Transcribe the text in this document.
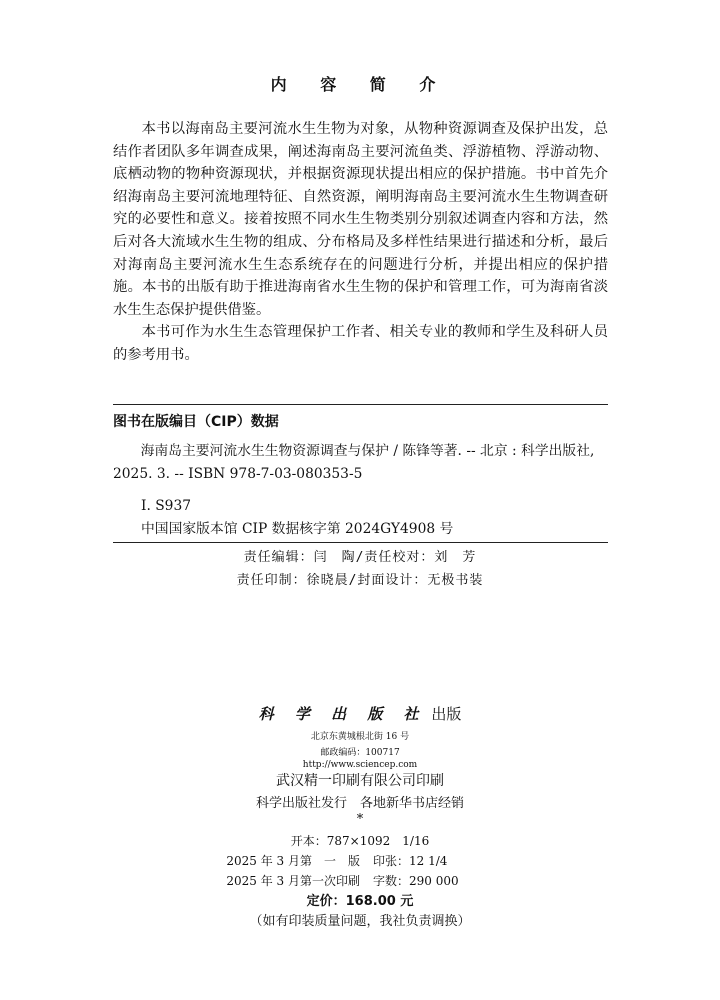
内 容 简 介

本书以海南岛主要河流水生生物为对象，从物种资源调查及保护出发，总结作者团队多年调查成果，阐述海南岛主要河流鱼类、浮游植物、浮游动物、底栖动物的物种资源现状，并根据资源现状提出相应的保护措施。书中首先介绍海南岛主要河流地理特征、自然资源，阐明海南岛主要河流水生生物调查研究的必要性和意义。接着按照不同水生生物类别分别叙述调查内容和方法，然后对各大流域水生生物的组成、分布格局及多样性结果进行描述和分析，最后对海南岛主要河流水生生态系统存在的问题进行分析，并提出相应的保护措施。本书的出版有助于推进海南省水生生物的保护和管理工作，可为海南省淡水生生态保护提供借鉴。

本书可作为水生生态管理保护工作者、相关专业的教师和学生及科研人员的参考用书。

图书在版编目（CIP）数据
海南岛主要河流水生生物资源调查与保护 / 陈锋等著. -- 北京 : 科学出版社, 2025. 3. -- ISBN 978-7-03-080353-5
I. S937
中国国家版本馆 CIP 数据核字第 2024GY4908 号
责任编辑：闫　陶/责任校对：刘　芳
责任印制：徐晓晨/封面设计：无极书装
科 学 出 版 社 出版
北京东黄城根北街 16 号
邮政编码：100717
http://www.sciencep.com
武汉精一印刷有限公司印刷
科学出版社发行　各地新华书店经销
*
开本：787×1092　1/16
2025 年 3 月第　一　版 印张：12 1/4
2025 年 3 月第一次印刷 字数：290 000
定价：168.00 元
（如有印装质量问题，我社负责调换）
